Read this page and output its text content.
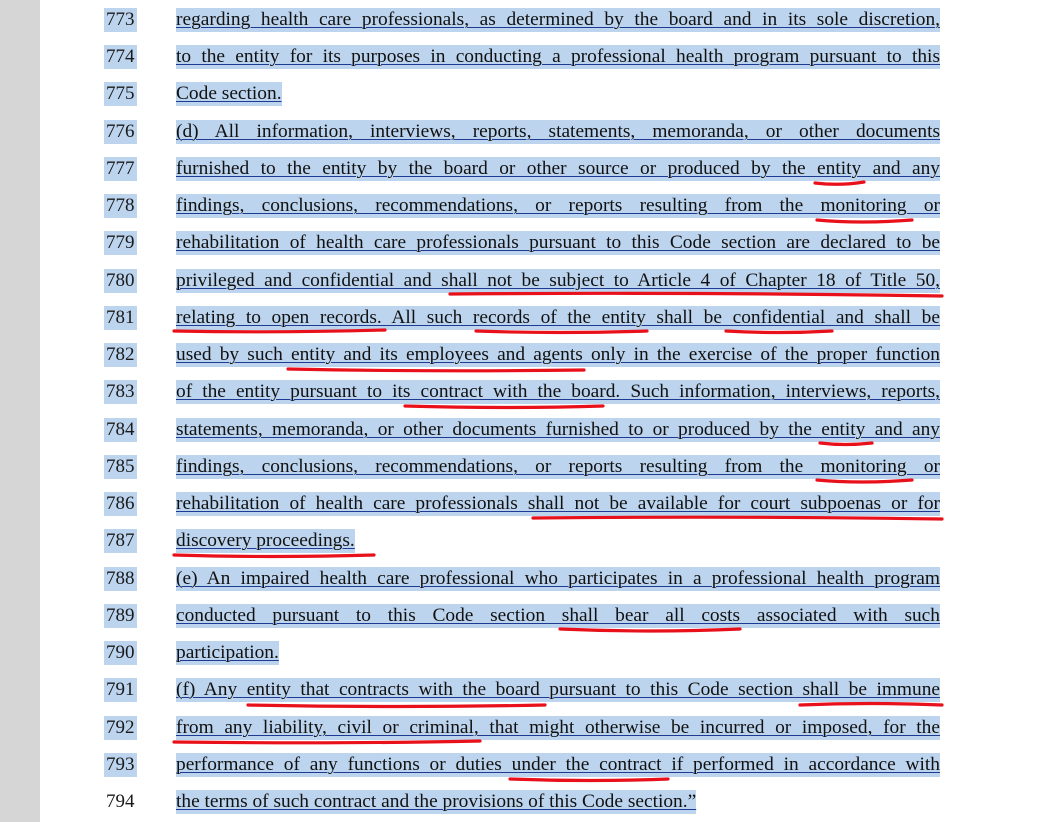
773 regarding health care professionals, as determined by the board and in its sole discretion,
774 to the entity for its purposes in conducting a professional health program pursuant to this
775 Code section.
776 (d) All information, interviews, reports, statements, memoranda, or other documents
777 furnished to the entity by the board or other source or produced by the entity and any
778 findings, conclusions, recommendations, or reports resulting from the monitoring or
779 rehabilitation of health care professionals pursuant to this Code section are declared to be
780 privileged and confidential and shall not be subject to Article 4 of Chapter 18 of Title 50,
781 relating to open records. All such records of the entity shall be confidential and shall be
782 used by such entity and its employees and agents only in the exercise of the proper function
783 of the entity pursuant to its contract with the board. Such information, interviews, reports,
784 statements, memoranda, or other documents furnished to or produced by the entity and any
785 findings, conclusions, recommendations, or reports resulting from the monitoring or
786 rehabilitation of health care professionals shall not be available for court subpoenas or for
787 discovery proceedings.
788 (e) An impaired health care professional who participates in a professional health program
789 conducted pursuant to this Code section shall bear all costs associated with such
790 participation.
791 (f) Any entity that contracts with the board pursuant to this Code section shall be immune
792 from any liability, civil or criminal, that might otherwise be incurred or imposed, for the
793 performance of any functions or duties under the contract if performed in accordance with
794 the terms of such contract and the provisions of this Code section.”
